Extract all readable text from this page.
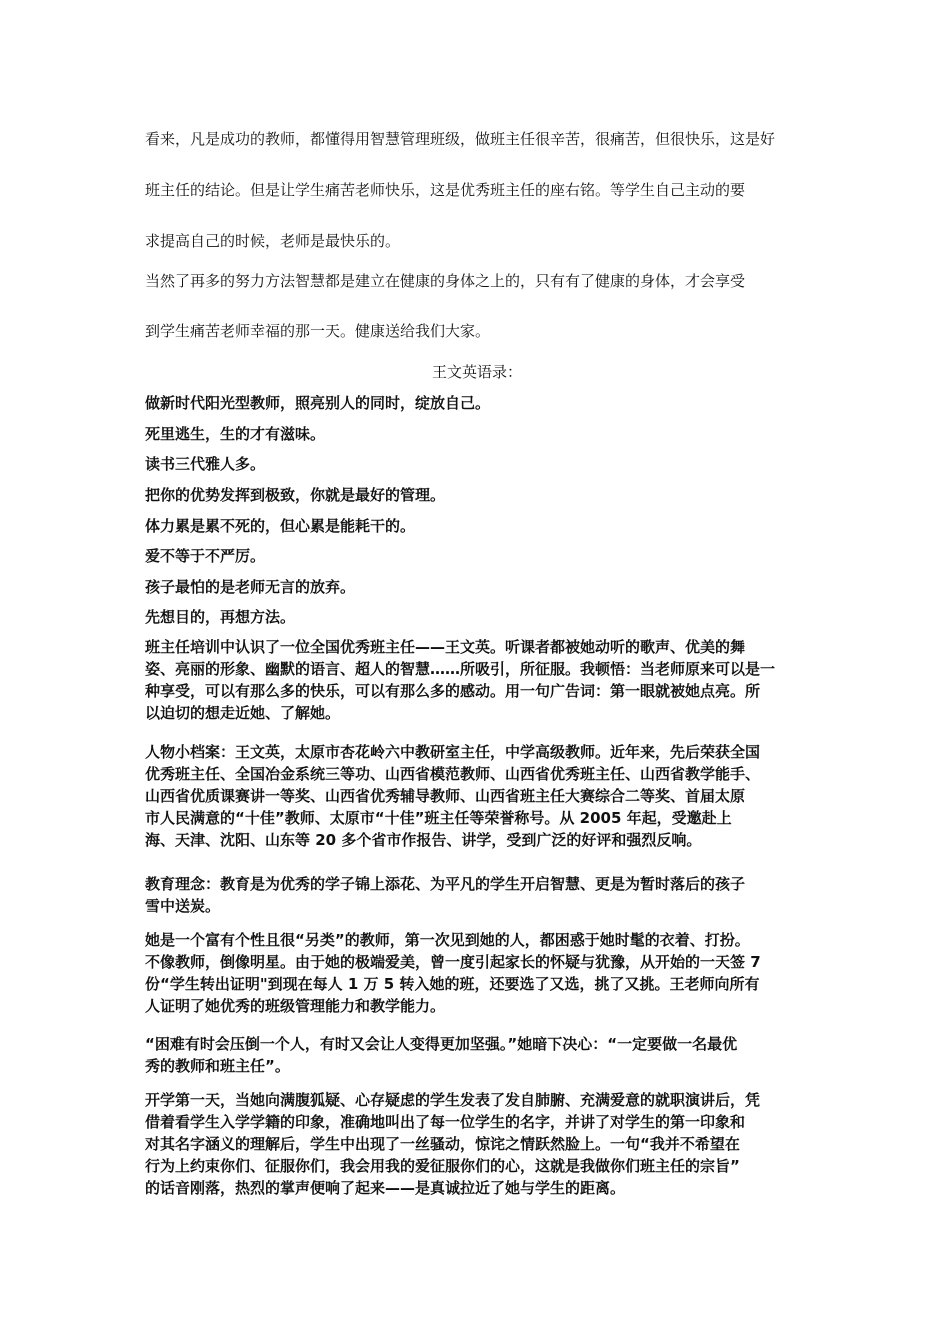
看来，凡是成功的教师，都懂得用智慧管理班级，做班主任很辛苦，很痛苦，但很快乐，这是好
班主任的结论。但是让学生痛苦老师快乐，这是优秀班主任的座右铭。等学生自己主动的要
求提高自己的时候，老师是最快乐的。
当然了再多的努力方法智慧都是建立在健康的身体之上的，只有有了健康的身体，才会享受
到学生痛苦老师幸福的那一天。健康送给我们大家。
王文英语录：
做新时代阳光型教师，照亮别人的同时，绽放自己。
死里逃生，生的才有滋味。
读书三代雅人多。
把你的优势发挥到极致，你就是最好的管理。
体力累是累不死的，但心累是能耗干的。
爱不等于不严厉。
孩子最怕的是老师无言的放弃。
先想目的，再想方法。
班主任培训中认识了一位全国优秀班主任——王文英。听课者都被她动听的歌声、优美的舞
姿、亮丽的形象、幽默的语言、超人的智慧……所吸引，所征服。我顿悟：当老师原来可以是一
种享受，可以有那么多的快乐，可以有那么多的感动。用一句广告词：第一眼就被她点亮。所
以迫切的想走近她、了解她。
人物小档案：王文英，太原市杏花岭六中教研室主任，中学高级教师。近年来，先后荣获全国
优秀班主任、全国冶金系统三等功、山西省模范教师、山西省优秀班主任、山西省教学能手、
山西省优质课赛讲一等奖、山西省优秀辅导教师、山西省班主任大赛综合二等奖、首届太原
市人民满意的“十佳”教师、太原市“十佳”班主任等荣誉称号。从 2005 年起，受邀赴上
海、天津、沈阳、山东等 20 多个省市作报告、讲学，受到广泛的好评和强烈反响。
教育理念：教育是为优秀的学子锦上添花、为平凡的学生开启智慧、更是为暂时落后的孩子
雪中送炭。
她是一个富有个性且很“另类”的教师，第一次见到她的人，都困惑于她时髦的衣着、打扮。
不像教师，倒像明星。由于她的极端爱美，曾一度引起家长的怀疑与犹豫，从开始的一天签 7
份“学生转出证明"到现在每人 1 万 5 转入她的班，还要选了又选，挑了又挑。王老师向所有
人证明了她优秀的班级管理能力和教学能力。
“困难有时会压倒一个人，有时又会让人变得更加坚强。”她暗下决心：“一定要做一名最优
秀的教师和班主任”。
开学第一天，当她向满腹狐疑、心存疑虑的学生发表了发自肺腑、充满爱意的就职演讲后，凭
借着看学生入学学籍的印象，准确地叫出了每一位学生的名字，并讲了对学生的第一印象和
对其名字涵义的理解后，学生中出现了一丝骚动，惊诧之情跃然脸上。一句“我并不希望在
行为上约束你们、征服你们，我会用我的爱征服你们的心，这就是我做你们班主任的宗旨”
的话音刚落，热烈的掌声便响了起来——是真诚拉近了她与学生的距离。
